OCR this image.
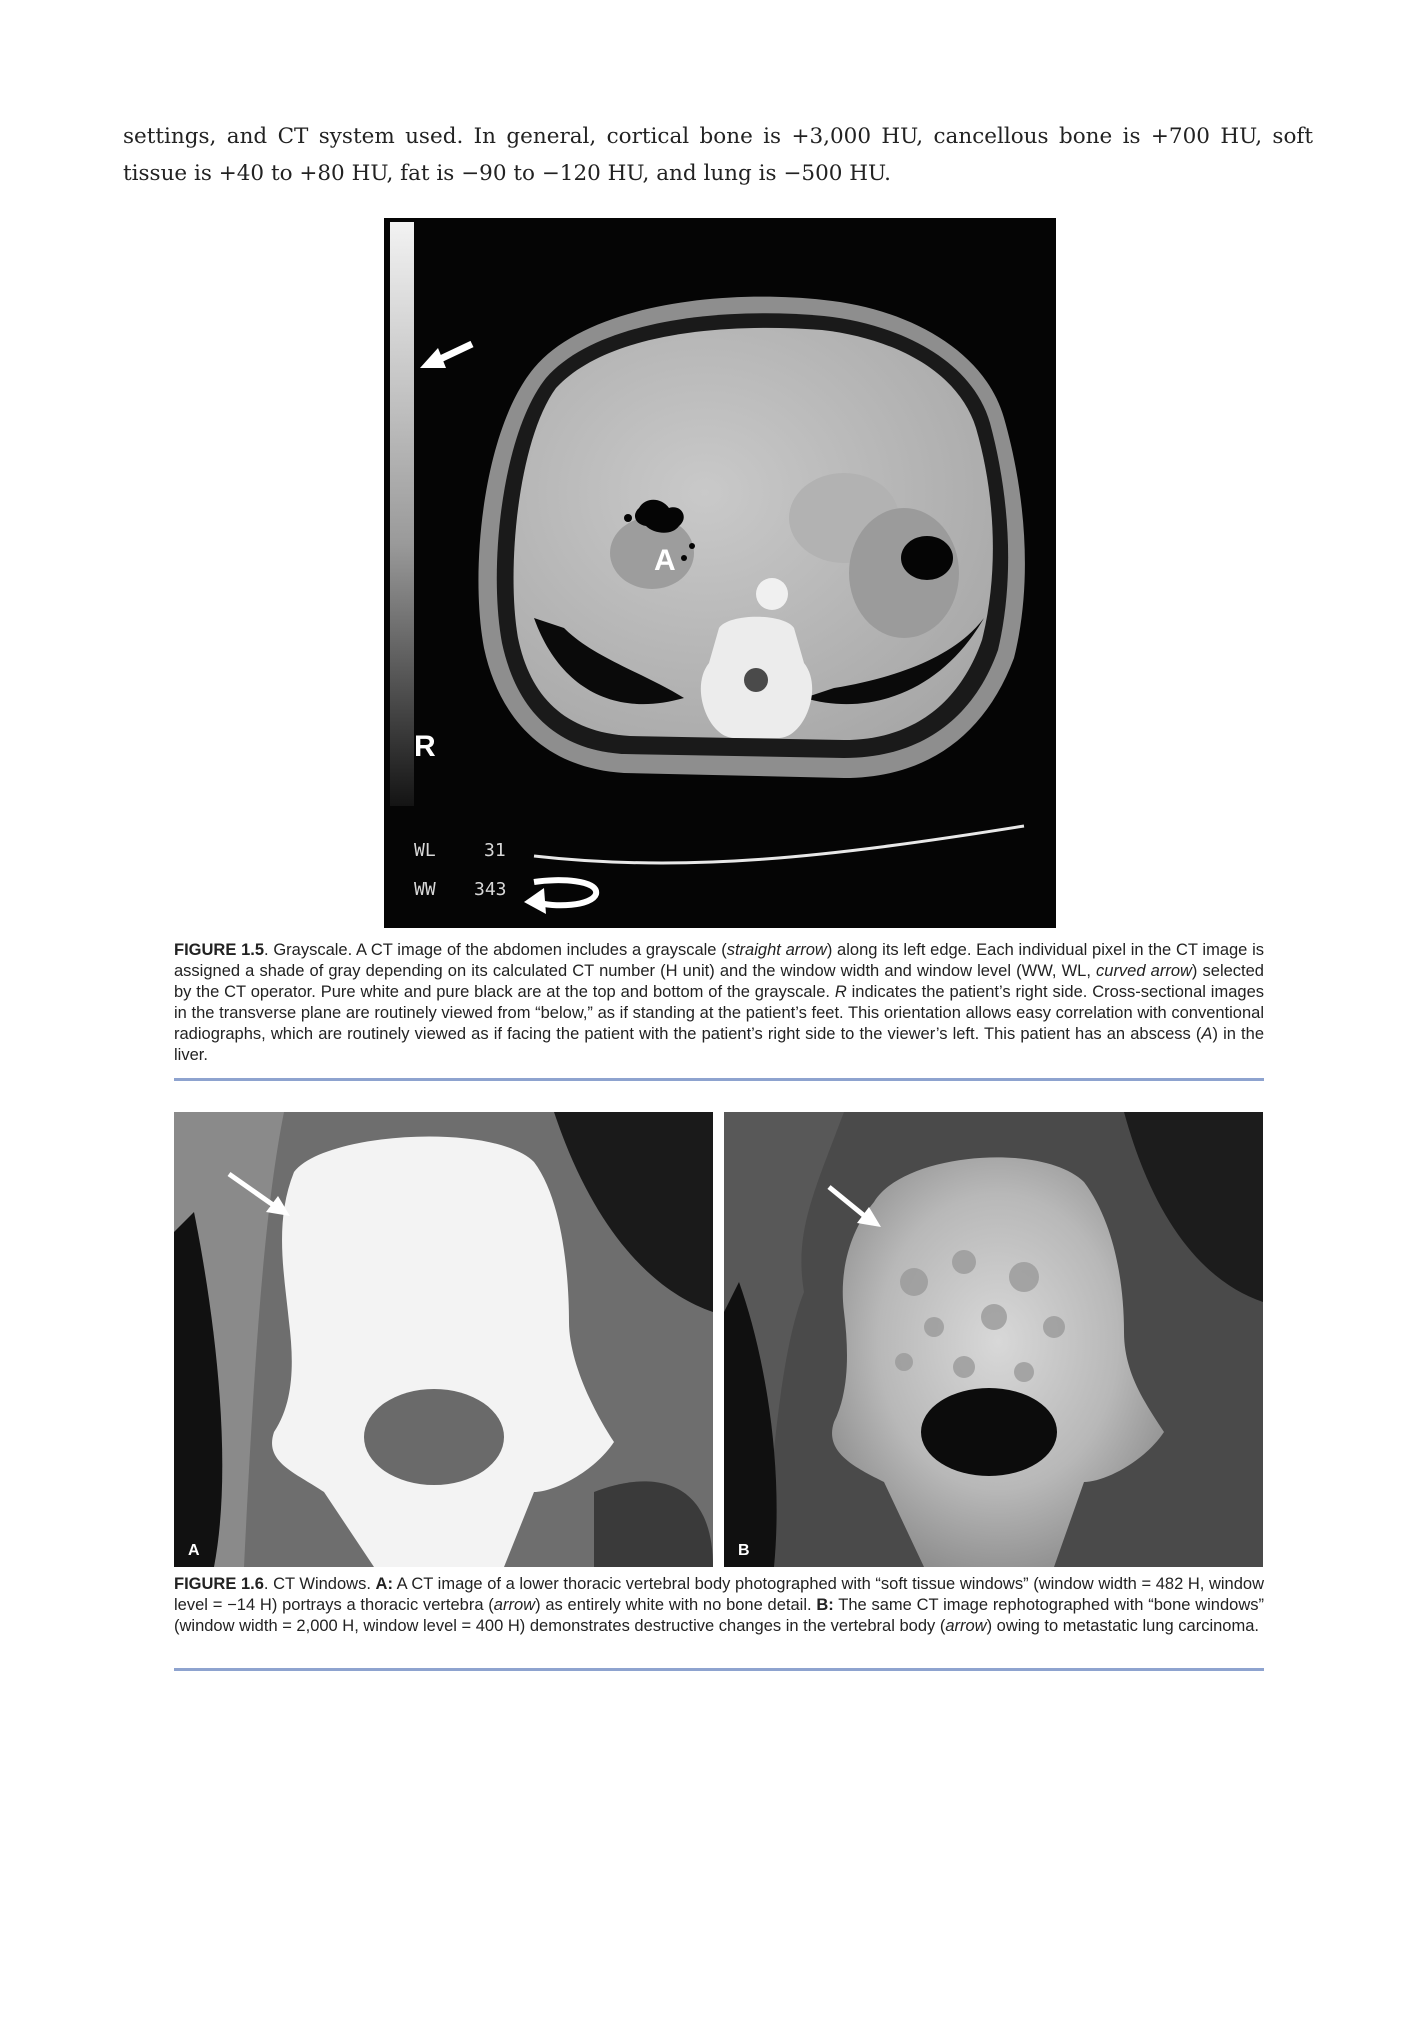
settings, and CT system used. In general, cortical bone is +3,000 HU, cancellous bone is +700 HU, soft tissue is +40 to +80 HU, fat is −90 to −120 HU, and lung is −500 HU.
A
R
WL	31
WW 343
FIGURE 1.5. Grayscale. A CT image of the abdomen includes a grayscale (straight arrow) along its left edge. Each individual pixel in the CT image is assigned a shade of gray depending on its calculated CT number (H unit) and the window width and window level (WW, WL, curved arrow) selected by the CT operator. Pure white and pure black are at the top and bottom of the grayscale. R indicates the patient’s right side. Cross-sectional images in the transverse plane are routinely viewed from “below,” as if standing at the patient’s feet. This orientation allows easy correlation with conventional radiographs, which are routinely viewed as if facing the patient with the patient’s right side to the viewer’s left. This patient has an abscess (A) in the liver.
A	B
FIGURE 1.6. CT Windows. A: A CT image of a lower thoracic vertebral body photographed with “soft tissue windows” (window width = 482 H, window level = −14 H) portrays a thoracic vertebra (arrow) as entirely white with no bone detail. B: The same CT image rephotographed with “bone windows” (window width = 2,000 H, window level = 400 H) demonstrates destructive changes in the vertebral body (arrow) owing to metastatic lung carcinoma.
